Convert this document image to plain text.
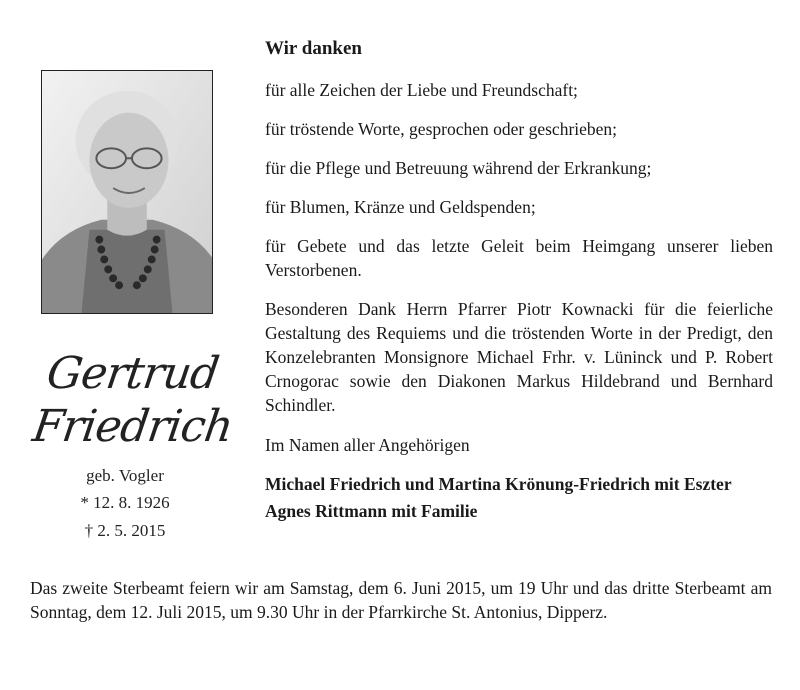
Gertrud
Friedrich
geb. Vogler
* 12. 8. 1926
† 2. 5. 2015
Wir danken
für alle Zeichen der Liebe und Freundschaft;
für tröstende Worte, gesprochen oder geschrieben;
für die Pflege und Betreuung während der Erkrankung;
für Blumen, Kränze und Geldspenden;
für Gebete und das letzte Geleit beim Heimgang unserer lieben Verstorbenen.
Besonderen Dank Herrn Pfarrer Piotr Kownacki für die feierliche Gestaltung des Requiems und die tröstenden Worte in der Predigt, den Konzelebranten Monsignore Michael Frhr. v. Lüninck und P. Robert Crnogorac sowie den Diakonen Markus Hildebrand und Bernhard Schindler.
Im Namen aller Angehörigen
Michael Friedrich und Martina Krönung-Friedrich mit Eszter
Agnes Rittmann mit Familie
Das zweite Sterbeamt feiern wir am Samstag, dem 6. Juni 2015, um 19 Uhr und das dritte Sterbeamt am Sonntag, dem 12. Juli 2015, um 9.30 Uhr in der Pfarrkirche St. Antonius, Dipperz.
